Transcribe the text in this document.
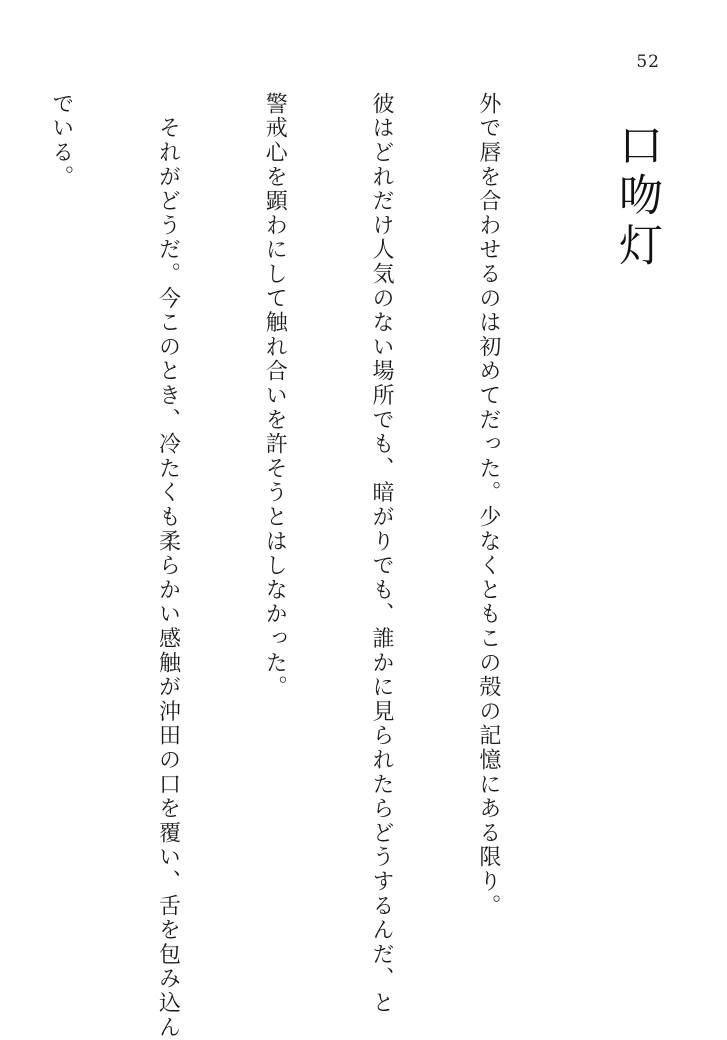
52
口吻灯

外で唇を合わせるのは初めてだった。少なくともこの殻の記憶にある限り。

彼はどれだけ人気のない場所でも、暗がりでも、誰かに見られたらどうするんだ、と

警戒心を顕わにして触れ合いを許そうとはしなかった。

　それがどうだ。今このとき、冷たくも柔らかい感触が沖田の口を覆い、舌を包み込ん

でいる。
